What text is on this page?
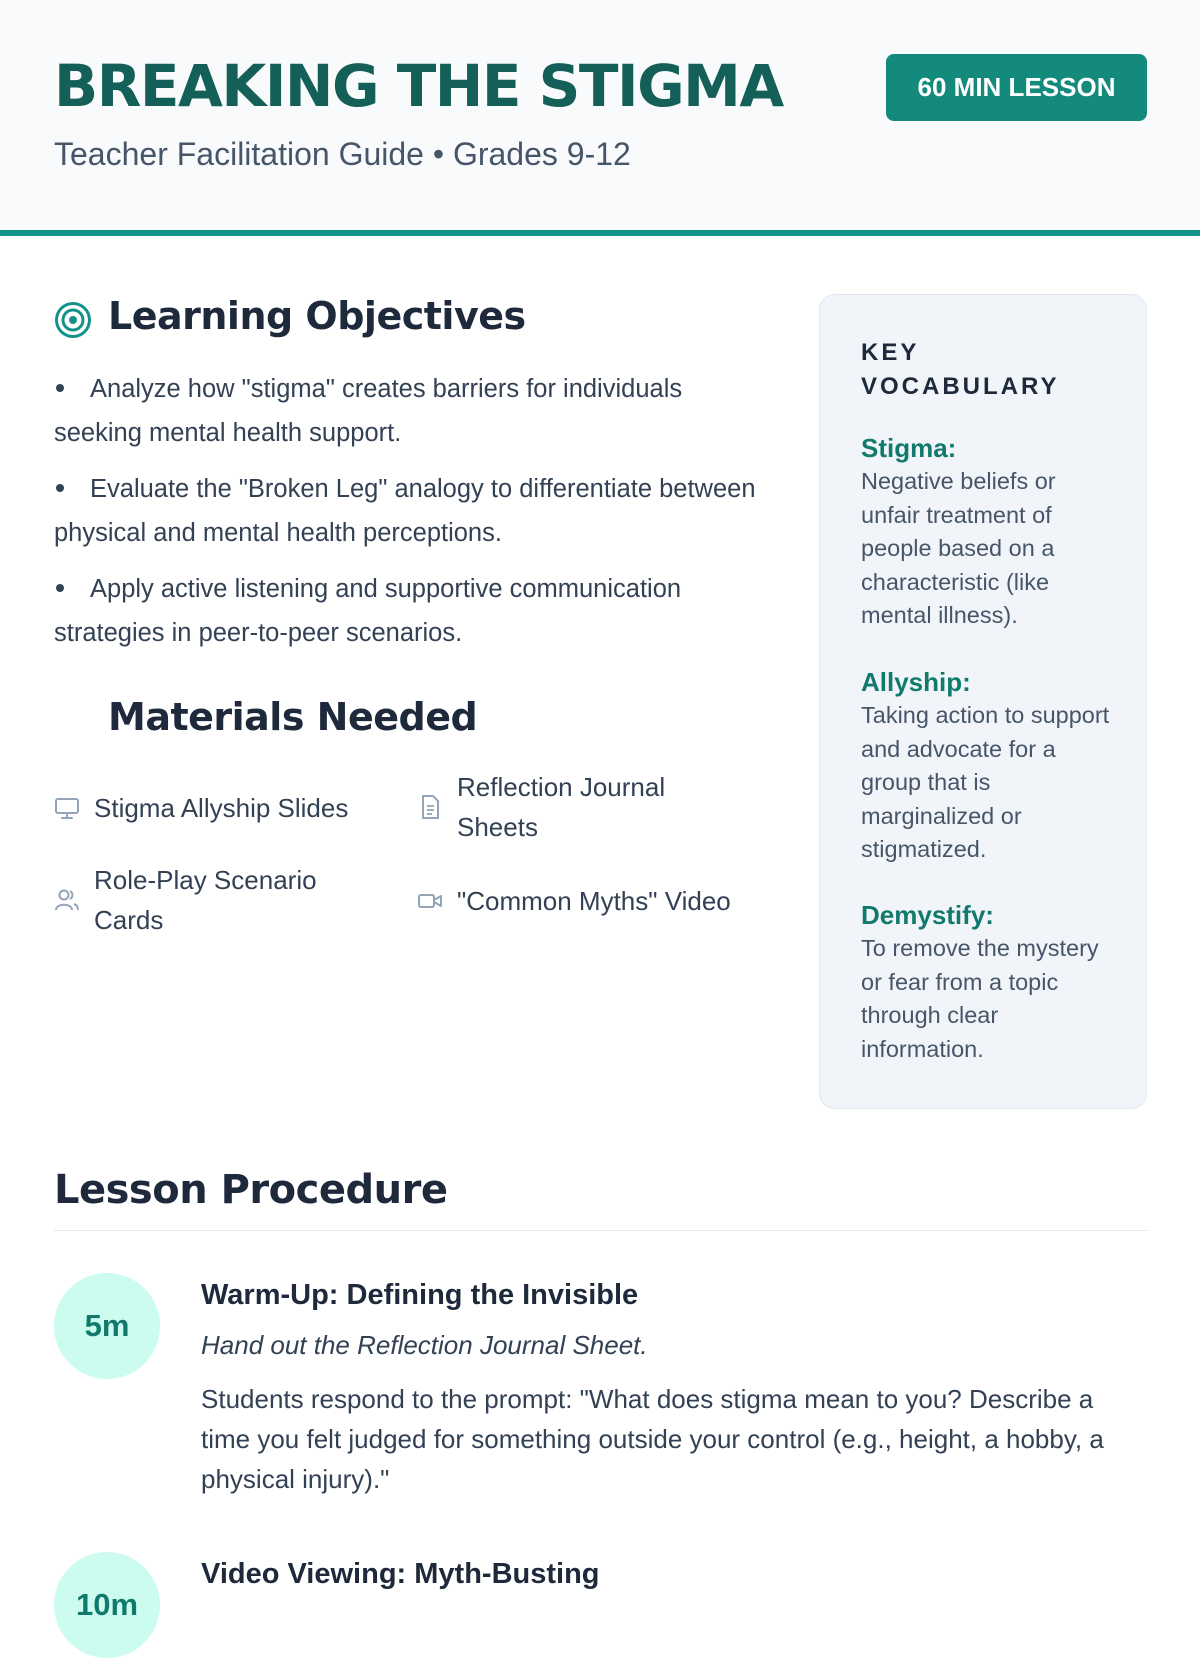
BREAKING THE STIGMA
Teacher Facilitation Guide • Grades 9-12
60 MIN LESSON
Learning Objectives
Analyze how "stigma" creates barriers for individuals seeking mental health support.
Evaluate the "Broken Leg" analogy to differentiate between physical and mental health perceptions.
Apply active listening and supportive communication strategies in peer-to-peer scenarios.
Materials Needed
Stigma Allyship Slides
Reflection Journal Sheets
Role-Play Scenario Cards
"Common Myths" Video
KEY VOCABULARY
Stigma:
Negative beliefs or unfair treatment of people based on a characteristic (like mental illness).
Allyship:
Taking action to support and advocate for a group that is marginalized or stigmatized.
Demystify:
To remove the mystery or fear from a topic through clear information.
Lesson Procedure
5m
Warm-Up: Defining the Invisible
Hand out the Reflection Journal Sheet.
Students respond to the prompt: "What does stigma mean to you? Describe a time you felt judged for something outside your control (e.g., height, a hobby, a physical injury)."
10m
Video Viewing: Myth-Busting
